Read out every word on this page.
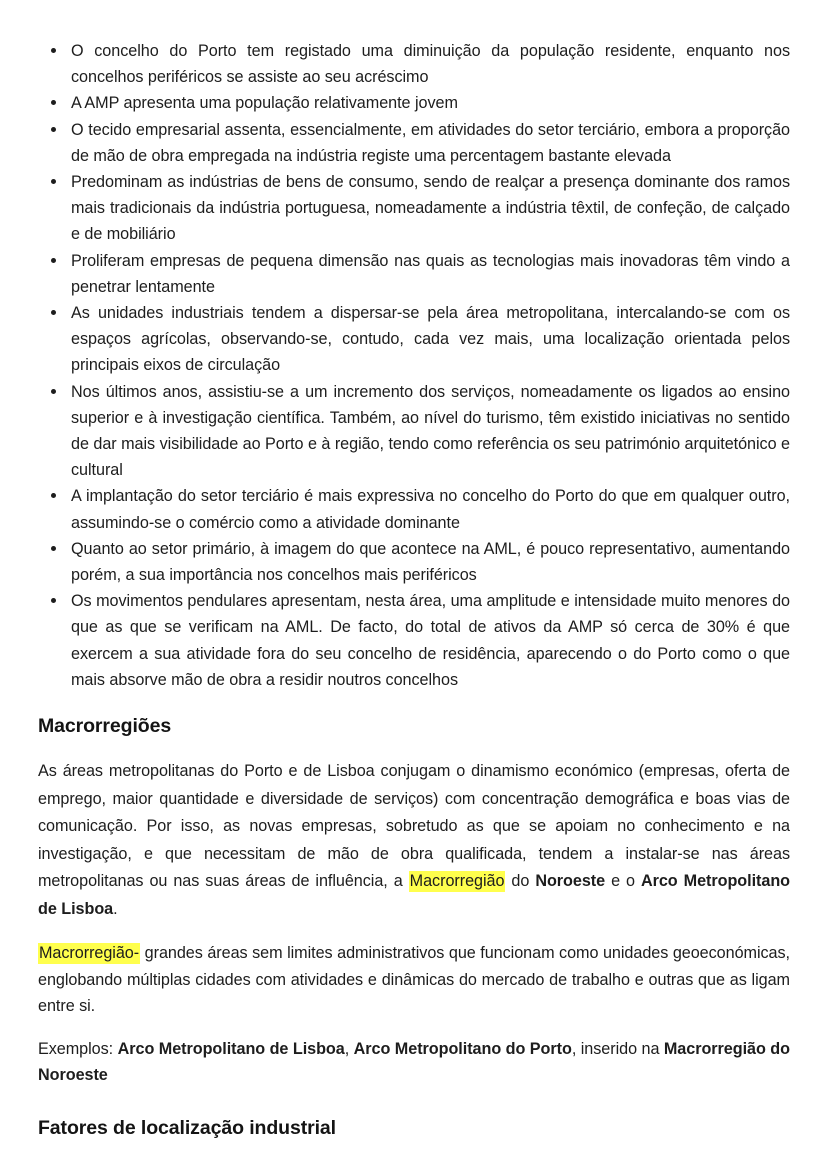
O concelho do Porto tem registado uma diminuição da população residente, enquanto nos concelhos periféricos se assiste ao seu acréscimo
A AMP apresenta uma população relativamente jovem
O tecido empresarial assenta, essencialmente, em atividades do setor terciário, embora a proporção de mão de obra empregada na indústria registe uma percentagem bastante elevada
Predominam as indústrias de bens de consumo, sendo de realçar a presença dominante dos ramos mais tradicionais da indústria portuguesa, nomeadamente a indústria têxtil, de confeção, de calçado e de mobiliário
Proliferam empresas de pequena dimensão nas quais as tecnologias mais inovadoras têm vindo a penetrar lentamente
As unidades industriais tendem a dispersar-se pela área metropolitana, intercalando-se com os espaços agrícolas, observando-se, contudo, cada vez mais, uma localização orientada pelos principais eixos de circulação
Nos últimos anos, assistiu-se a um incremento dos serviços, nomeadamente os ligados ao ensino superior e à investigação científica. Também, ao nível do turismo, têm existido iniciativas no sentido de dar mais visibilidade ao Porto e à região, tendo como referência os seu património arquitetónico e cultural
A implantação do setor terciário é mais expressiva no concelho do Porto do que em qualquer outro, assumindo-se o comércio como a atividade dominante
Quanto ao setor primário, à imagem do que acontece na AML, é pouco representativo, aumentando porém, a sua importância nos concelhos mais periféricos
Os movimentos pendulares apresentam, nesta área, uma amplitude e intensidade muito menores do que as que se verificam na AML. De facto, do total de ativos da AMP só cerca de 30% é que exercem a sua atividade fora do seu concelho de residência, aparecendo o do Porto como o que mais absorve mão de obra a residir noutros concelhos
Macrorregiões

As áreas metropolitanas do Porto e de Lisboa conjugam o dinamismo económico (empresas, oferta de emprego, maior quantidade e diversidade de serviços) com concentração demográfica e boas vias de comunicação. Por isso, as novas empresas, sobretudo as que se apoiam no conhecimento e na investigação, e que necessitam de mão de obra qualificada, tendem a instalar-se nas áreas metropolitanas ou nas suas áreas de influência, a Macrorregião do Noroeste e o Arco Metropolitano de Lisboa.

Macrorregião- grandes áreas sem limites administrativos que funcionam como unidades geoeconómicas, englobando múltiplas cidades com atividades e dinâmicas do mercado de trabalho e outras que as ligam entre si.

Exemplos: Arco Metropolitano de Lisboa, Arco Metropolitano do Porto, inserido na Macrorregião do Noroeste

Fatores de localização industrial
